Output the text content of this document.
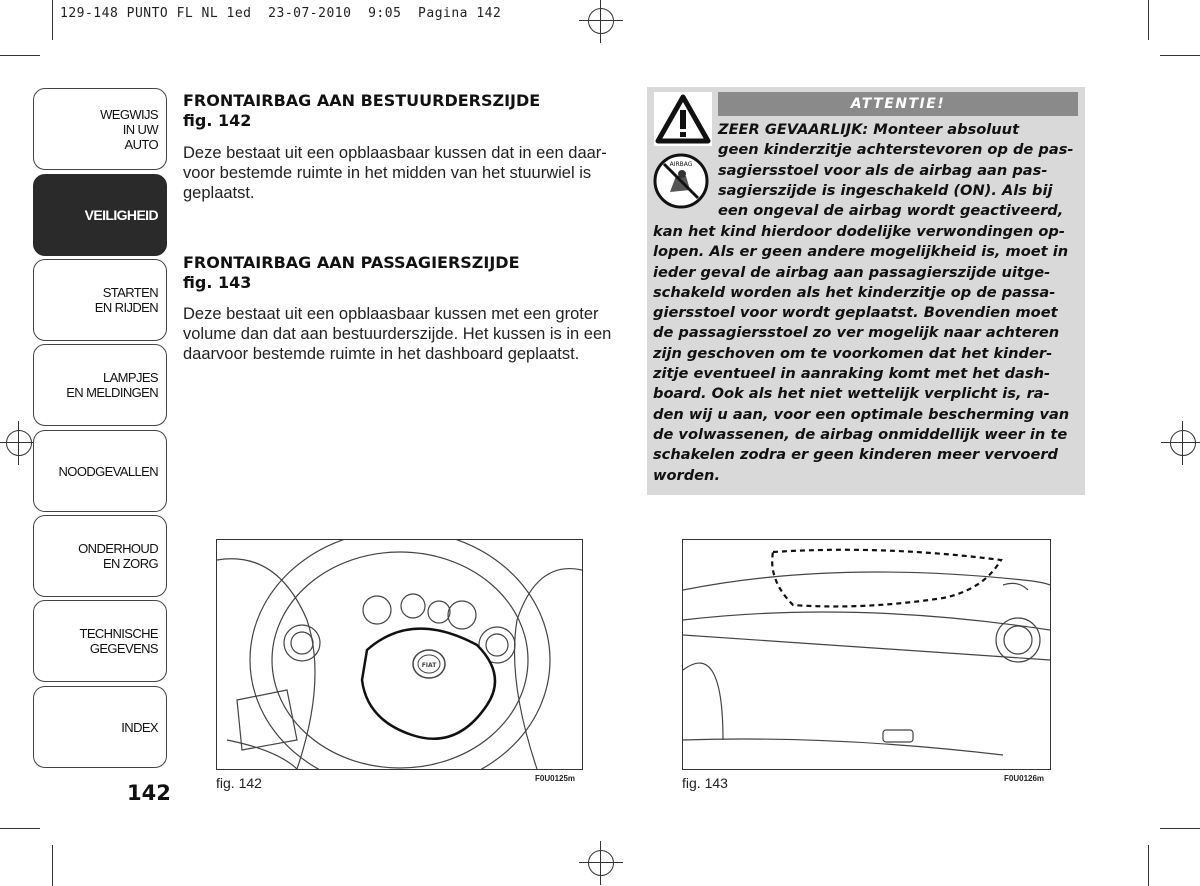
129-148 PUNTO FL NL 1ed  23-07-2010  9:05  Pagina 142
WEGWIJS
IN UW
AUTO
VEILIGHEID
STARTEN
EN RIJDEN
LAMPJES
EN MELDINGEN
NOODGEVALLEN
ONDERHOUD
EN ZORG
TECHNISCHE
GEGEVENS
INDEX
142
FRONTAIRBAG AAN BESTUURDERSZIJDE
fig. 142
Deze bestaat uit een opblaasbaar kussen dat in een daar-
voor bestemde ruimte in het midden van het stuurwiel is
geplaatst.
FRONTAIRBAG AAN PASSAGIERSZIJDE
fig. 143
Deze bestaat uit een opblaasbaar kussen met een groter
volume dan dat aan bestuurderszijde. Het kussen is in een
daarvoor bestemde ruimte in het dashboard geplaatst.
AIRBAG
ATTENTIE!
ZEER GEVAARLIJK: Monteer absoluut
geen kinderzitje achterstevoren op de pas-
sagiersstoel voor als de airbag aan pas-
sagierszijde is ingeschakeld (ON). Als bij
een ongeval de airbag wordt geactiveerd,
kan het kind hierdoor dodelijke verwondingen op-
lopen. Als er geen andere mogelijkheid is, moet in
ieder geval de airbag aan passagierszijde uitge-
schakeld worden als het kinderzitje op de passa-
giersstoel voor wordt geplaatst. Bovendien moet
de passagiersstoel zo ver mogelijk naar achteren
zijn geschoven om te voorkomen dat het kinder-
zitje eventueel in aanraking komt met het dash-
board. Ook als het niet wettelijk verplicht is, ra-
den wij u aan, voor een optimale bescherming van
de volwassenen, de airbag onmiddellijk weer in te
schakelen zodra er geen kinderen meer vervoerd
worden.
FIAT
fig. 142	F0U0125m	fig. 143	F0U0126m
